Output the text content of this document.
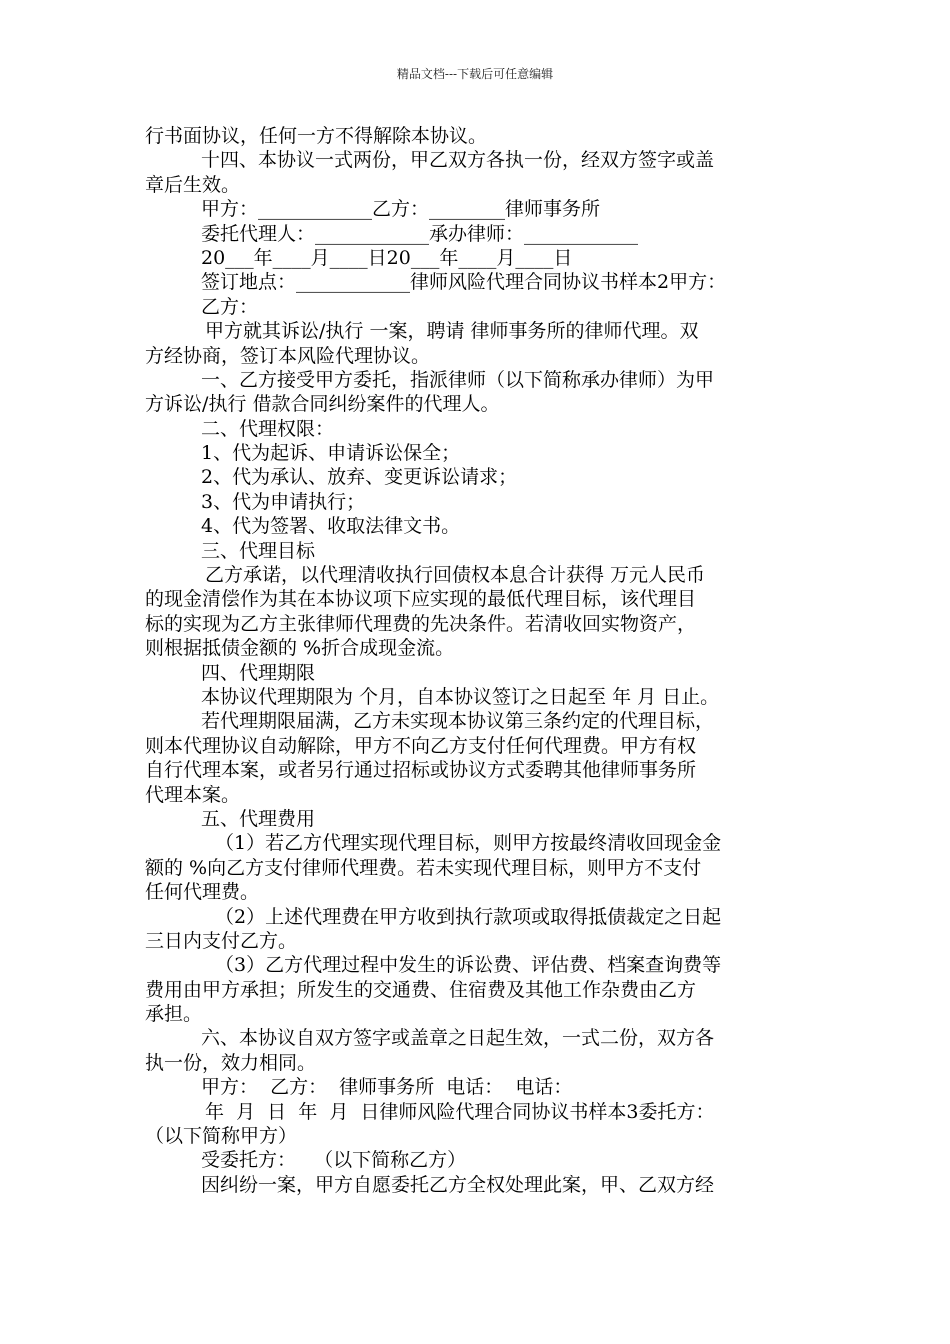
精品文档---下载后可任意编辑
行书面协议，任何一方不得解除本协议。
十四、本协议一式两份，甲乙双方各执一份，经双方签字或盖
章后生效。
甲方：____________乙方：________律师事务所
委托代理人：____________承办律师：____________
20___年____月____日20___年____月____日
签订地点：____________律师风险代理合同协议书样本2甲方：
乙方：
甲方就其诉讼/执行 一案，聘请 律师事务所的律师代理。双
方经协商，签订本风险代理协议。
一、乙方接受甲方委托，指派律师（以下简称承办律师）为甲
方诉讼/执行 借款合同纠纷案件的代理人。
二、代理权限：
1、代为起诉、申请诉讼保全；
2、代为承认、放弃、变更诉讼请求；
3、代为申请执行；
4、代为签署、收取法律文书。
三、代理目标
乙方承诺，以代理清收执行回债权本息合计获得 万元人民币
的现金清偿作为其在本协议项下应实现的最低代理目标，该代理目
标的实现为乙方主张律师代理费的先决条件。若清收回实物资产，
则根据抵债金额的 %折合成现金流。
四、代理期限
本协议代理期限为 个月，自本协议签订之日起至 年 月 日止。
若代理期限届满，乙方未实现本协议第三条约定的代理目标，
则本代理协议自动解除，甲方不向乙方支付任何代理费。甲方有权
自行代理本案，或者另行通过招标或协议方式委聘其他律师事务所
代理本案。
五、代理费用
（1）若乙方代理实现代理目标，则甲方按最终清收回现金金
额的 %向乙方支付律师代理费。若未实现代理目标，则甲方不支付
任何代理费。
（2）上述代理费在甲方收到执行款项或取得抵债裁定之日起
三日内支付乙方。
（3）乙方代理过程中发生的诉讼费、评估费、档案查询费等
费用由甲方承担；所发生的交通费、住宿费及其他工作杂费由乙方
承担。
六、本协议自双方签字或盖章之日起生效，一式二份，双方各
执一份，效力相同。
甲方：  乙方：  律师事务所  电话：  电话：
年  月  日  年  月  日律师风险代理合同协议书样本3委托方：
（以下简称甲方）
受委托方：   （以下简称乙方）
因纠纷一案，甲方自愿委托乙方全权处理此案，甲、乙双方经
